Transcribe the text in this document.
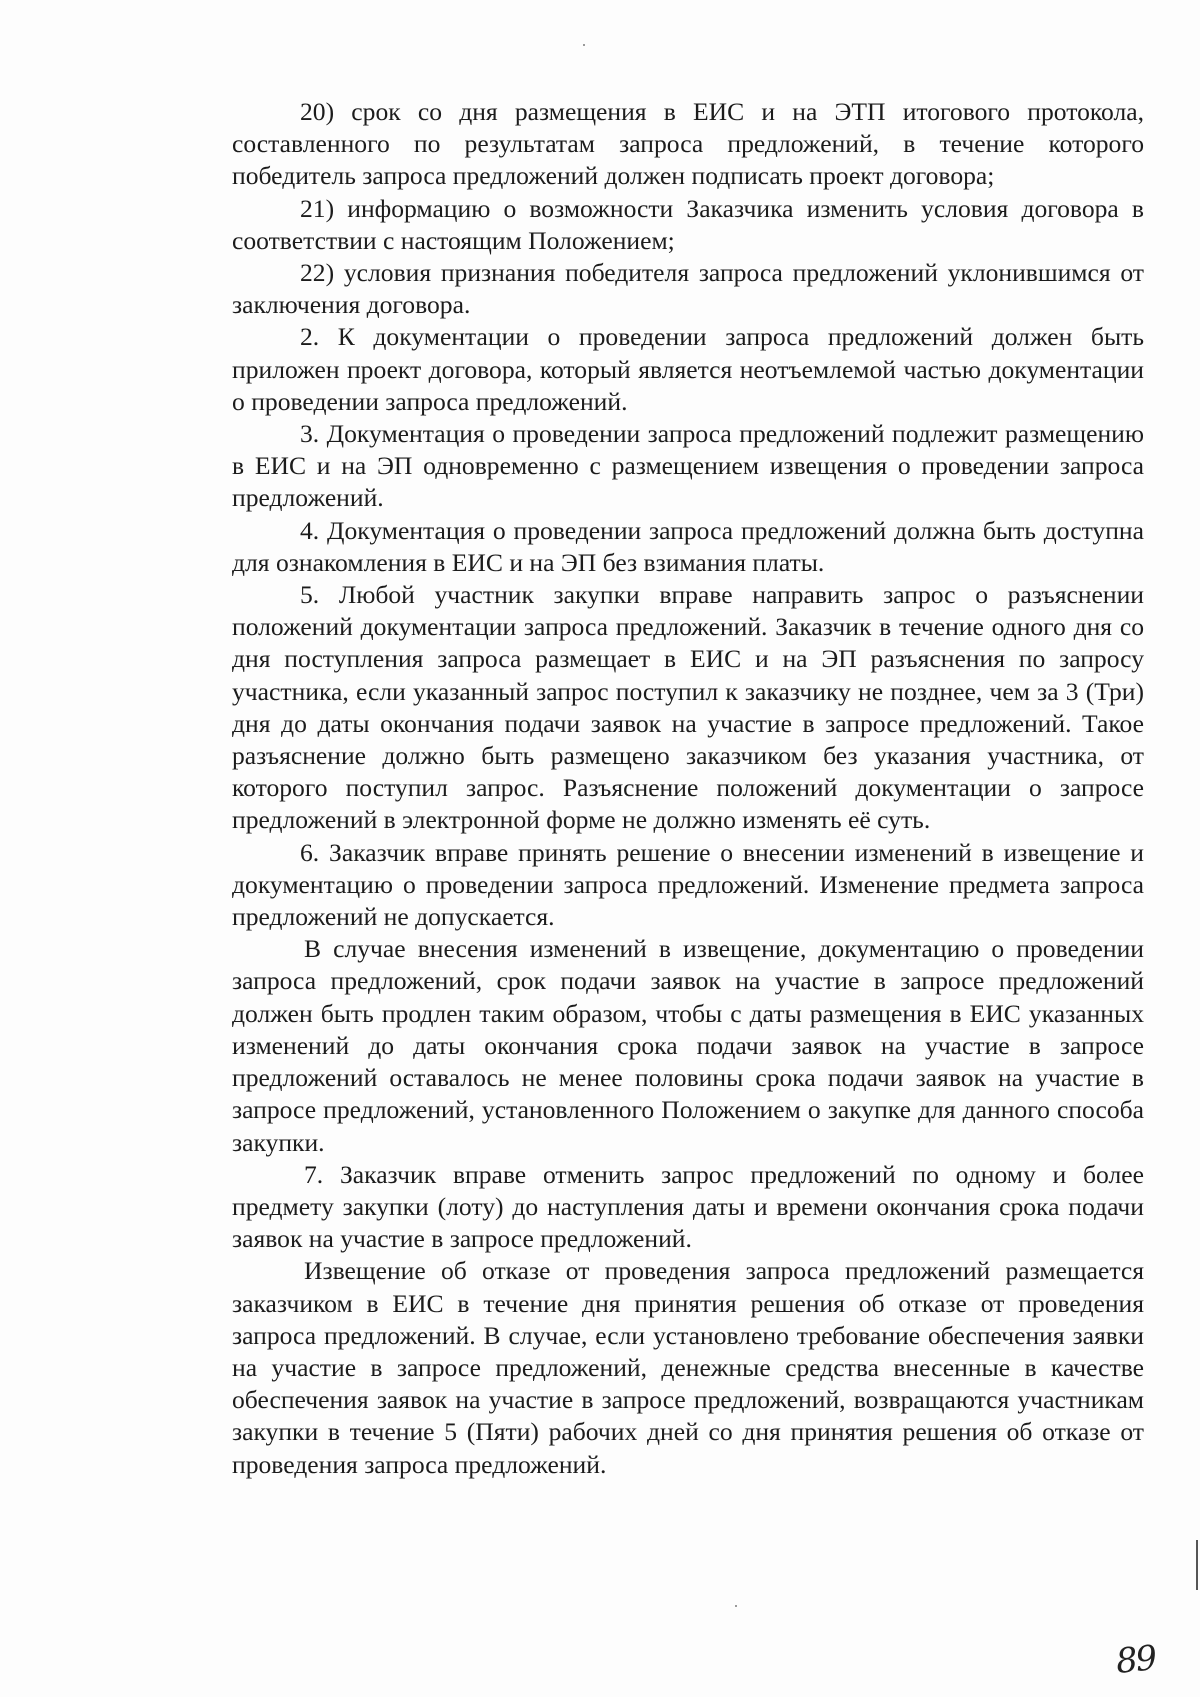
20) срок со дня размещения в ЕИС и на ЭТП итогового протокола, составленного по результатам запроса предложений, в течение которого победитель запроса предложений должен подписать проект договора;

21) информацию о возможности Заказчика изменить условия договора в соответствии с настоящим Положением;

22) условия признания победителя запроса предложений уклонившимся от заключения договора.

2. К документации о проведении запроса предложений должен быть приложен проект договора, который является неотъемлемой частью документации о проведении запроса предложений.

3. Документация о проведении запроса предложений подлежит размещению в ЕИС и на ЭП одновременно с размещением извещения о проведении запроса предложений.

4. Документация о проведении запроса предложений должна быть доступна для ознакомления в ЕИС и на ЭП без взимания платы.

5. Любой участник закупки вправе направить запрос о разъяснении положений документации запроса предложений. Заказчик в течение одного дня со дня поступления запроса размещает в ЕИС и на ЭП разъяснения по запросу участника, если указанный запрос поступил к заказчику не позднее, чем за 3 (Три) дня до даты окончания подачи заявок на участие в запросе предложений. Такое разъяснение должно быть размещено заказчиком без указания участника, от которого поступил запрос. Разъяснение положений документации о запросе предложений в электронной форме не должно изменять её суть.

6. Заказчик вправе принять решение о внесении изменений в извещение и документацию о проведении запроса предложений. Изменение предмета запроса предложений не допускается.

В случае внесения изменений в извещение, документацию о проведении запроса предложений, срок подачи заявок на участие в запросе предложений должен быть продлен таким образом, чтобы с даты размещения в ЕИС указанных изменений до даты окончания срока подачи заявок на участие в запросе предложений оставалось не менее половины срока подачи заявок на участие в запросе предложений, установленного Положением о закупке для данного способа закупки.

7. Заказчик вправе отменить запрос предложений по одному и более предмету закупки (лоту) до наступления даты и времени окончания срока подачи заявок на участие в запросе предложений.

Извещение об отказе от проведения запроса предложений размещается заказчиком в ЕИС в течение дня принятия решения об отказе от проведения запроса предложений. В случае, если установлено требование обеспечения заявки на участие в запросе предложений, денежные средства внесенные в качестве обеспечения заявок на участие в запросе предложений, возвращаются участникам закупки в течение 5 (Пяти) рабочих дней со дня принятия решения об отказе от проведения запроса предложений.

89
